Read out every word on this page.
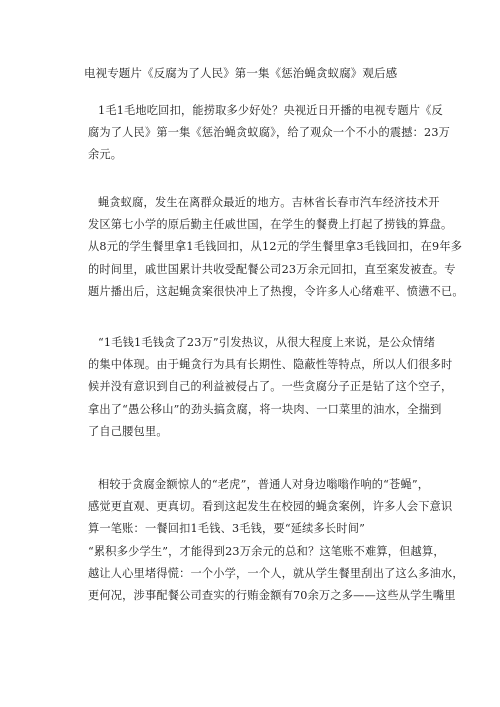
电视专题片《反腐为了人民》第一集《惩治蝇贪蚁腐》观后感
1毛1毛地吃回扣，能捞取多少好处？央视近日开播的电视专题片《反
腐为了人民》第一集《惩治蝇贪蚁腐》，给了观众一个不小的震撼：23万
余元。
蝇贪蚁腐，发生在离群众最近的地方。吉林省长春市汽车经济技术开
发区第七小学的原后勤主任戚世国，在学生的餐费上打起了捞钱的算盘。
从8元的学生餐里拿1毛钱回扣，从12元的学生餐里拿3毛钱回扣，在9年多
的时间里，戚世国累计共收受配餐公司23万余元回扣，直至案发被查。专
题片播出后，这起蝇贪案很快冲上了热搜，令许多人心绪难平、愤懑不已。
“1毛钱1毛钱贪了23万”引发热议，从很大程度上来说，是公众情绪
的集中体现。由于蝇贪行为具有长期性、隐蔽性等特点，所以人们很多时
候并没有意识到自己的利益被侵占了。一些贪腐分子正是钻了这个空子，
拿出了“愚公移山”的劲头搞贪腐，将一块肉、一口菜里的油水，全揣到
了自己腰包里。
相较于贪腐金额惊人的“老虎”，普通人对身边嗡嗡作响的“苍蝇”，
感觉更直观、更真切。看到这起发生在校园的蝇贪案例，许多人会下意识
算一笔账：一餐回扣1毛钱、3毛钱，要“延续多长时间”
“累积多少学生”，才能得到23万余元的总和？这笔账不难算，但越算，
越让人心里堵得慌：一个小学，一个人，就从学生餐里刮出了这么多油水，
更何况，涉事配餐公司查实的行贿金额有70余万之多——这些从学生嘴里
